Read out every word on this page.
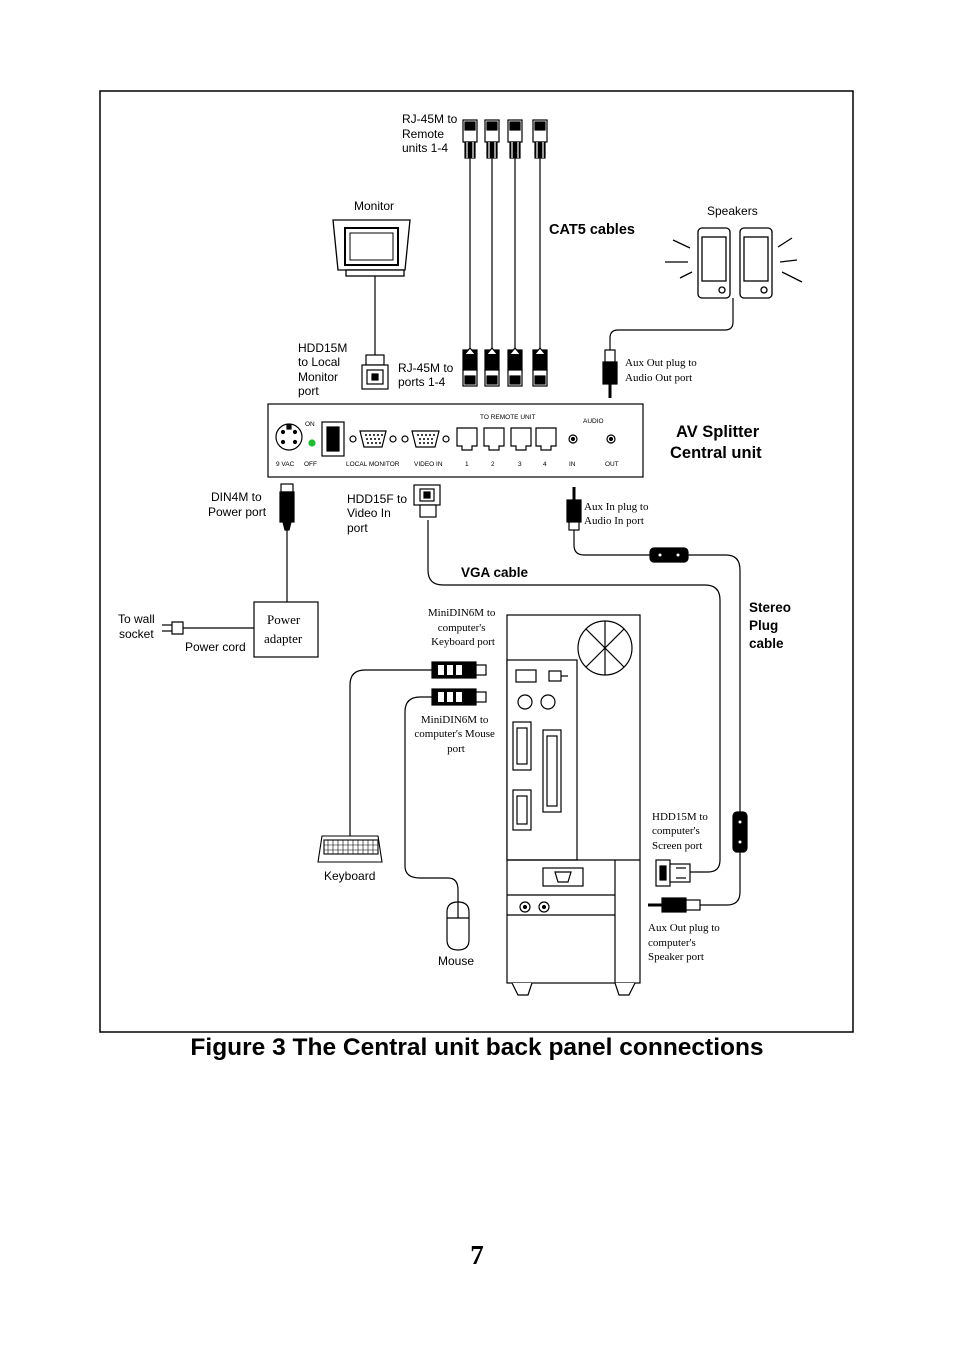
RJ-45M to Remote units 1-4
Monitor
CAT5 cables
Speakers
HDD15M to Local Monitor port
RJ-45M to ports 1-4
Aux Out plug to Audio Out port
TO REMOTE UNIT
AUDIO
ON
9 VAC OFF	LOCAL MONITOR VIDEO IN	1	2	3	4	IN	OUT
AV Splitter Central unit
DIN4M to Power port
HDD15F to Video In port
Aux In plug to Audio In port
VGA cable
Stereo Plug cable
To wall socket
Power cord
Power adapter
MiniDIN6M to computer's Keyboard port
MiniDIN6M to computer's Mouse port
HDD15M to computer's Screen port
Keyboard
Mouse
Aux Out plug to computer's Speaker port
Figure 3 The Central unit back panel connections
7
